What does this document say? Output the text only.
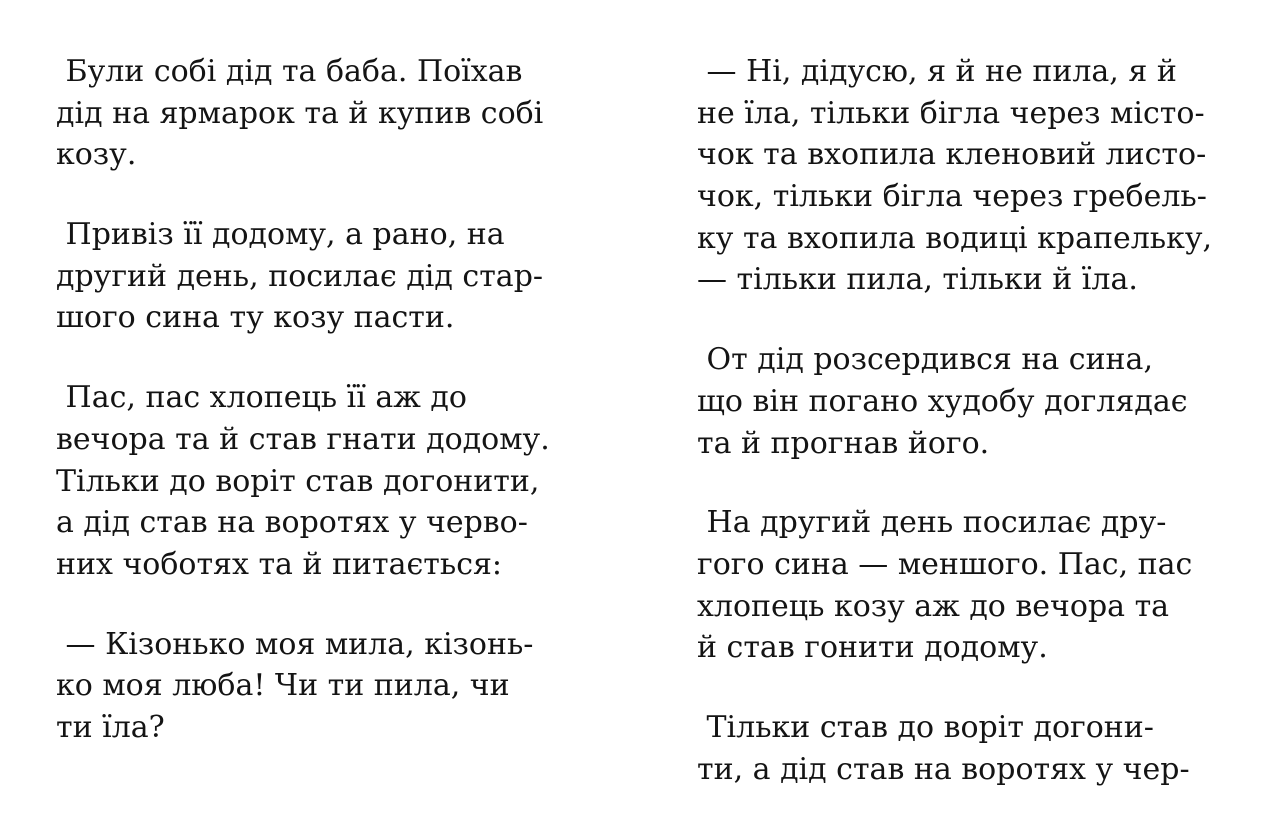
Були собі дід та баба. Поїхав
дід на ярмарок та й купив собі
козу.

Привіз її додому, а рано, на
другий день, посилає дід стар-
шого сина ту козу пасти.

Пас, пас хлопець її аж до
вечора та й став гнати додому.
Тільки до воріт став догонити,
а дід став на воротях у черво-
них чоботях та й питається:

— Кізонько моя мила, кізонь-
ко моя люба! Чи ти пила, чи
ти їла?

— Ні, дідусю, я й не пила, я й
не їла, тільки бігла через місто-
чок та вхопила кленовий листо-
чок, тільки бігла через гребель-
ку та вхопила водиці крапельку,
— тільки пила, тільки й їла.

От дід розсердився на сина,
що він погано худобу доглядає
та й прогнав його.

На другий день посилає дру-
гого сина — меншого. Пас, пас
хлопець козу аж до вечора та
й став гонити додому.

Тільки став до воріт догони-
ти, а дід став на воротях у чер-
